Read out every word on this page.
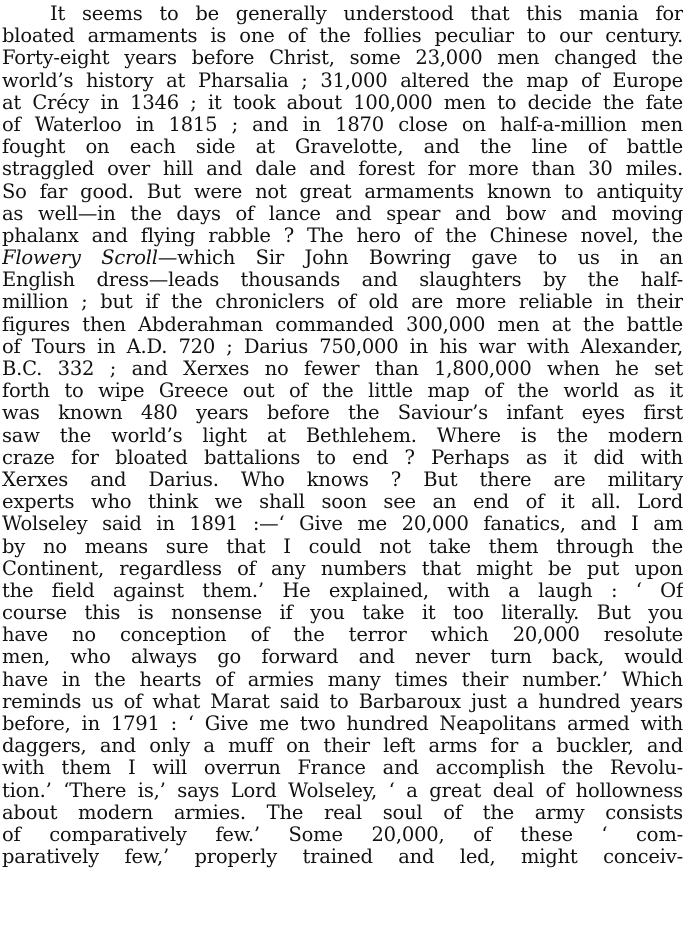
It seems to be generally understood that this mania for
bloated armaments is one of the follies peculiar to our century.
Forty-eight years before Christ, some 23,000 men changed the
world’s history at Pharsalia ; 31,000 altered the map of Europe
at Crécy in 1346 ; it took about 100,000 men to decide the fate
of Waterloo in 1815 ; and in 1870 close on half-a-million men
fought on each side at Gravelotte, and the line of battle
straggled over hill and dale and forest for more than 30 miles.
So far good. But were not great armaments known to antiquity
as well—in the days of lance and spear and bow and moving
phalanx and flying rabble ? The hero of the Chinese novel, the
Flowery Scroll—which Sir John Bowring gave to us in an
English dress—leads thousands and slaughters by the half-
million ; but if the chroniclers of old are more reliable in their
figures then Abderahman commanded 300,000 men at the battle
of Tours in A.D. 720 ; Darius 750,000 in his war with Alexander,
B.C. 332 ; and Xerxes no fewer than 1,800,000 when he set
forth to wipe Greece out of the little map of the world as it
was known 480 years before the Saviour’s infant eyes first
saw the world’s light at Bethlehem. Where is the modern
craze for bloated battalions to end ? Perhaps as it did with
Xerxes and Darius. Who knows ? But there are military
experts who think we shall soon see an end of it all. Lord
Wolseley said in 1891 :—‘ Give me 20,000 fanatics, and I am
by no means sure that I could not take them through the
Continent, regardless of any numbers that might be put upon
the field against them.’ He explained, with a laugh : ‘ Of
course this is nonsense if you take it too literally. But you
have no conception of the terror which 20,000 resolute
men, who always go forward and never turn back, would
have in the hearts of armies many times their number.’ Which
reminds us of what Marat said to Barbaroux just a hundred years
before, in 1791 : ‘ Give me two hundred Neapolitans armed with
daggers, and only a muff on their left arms for a buckler, and
with them I will overrun France and accomplish the Revolu-
tion.’ ‘There is,’ says Lord Wolseley, ‘ a great deal of hollowness
about modern armies. The real soul of the army consists
of comparatively few.’ Some 20,000, of these ‘ com-
paratively few,’ properly trained and led, might conceiv-
